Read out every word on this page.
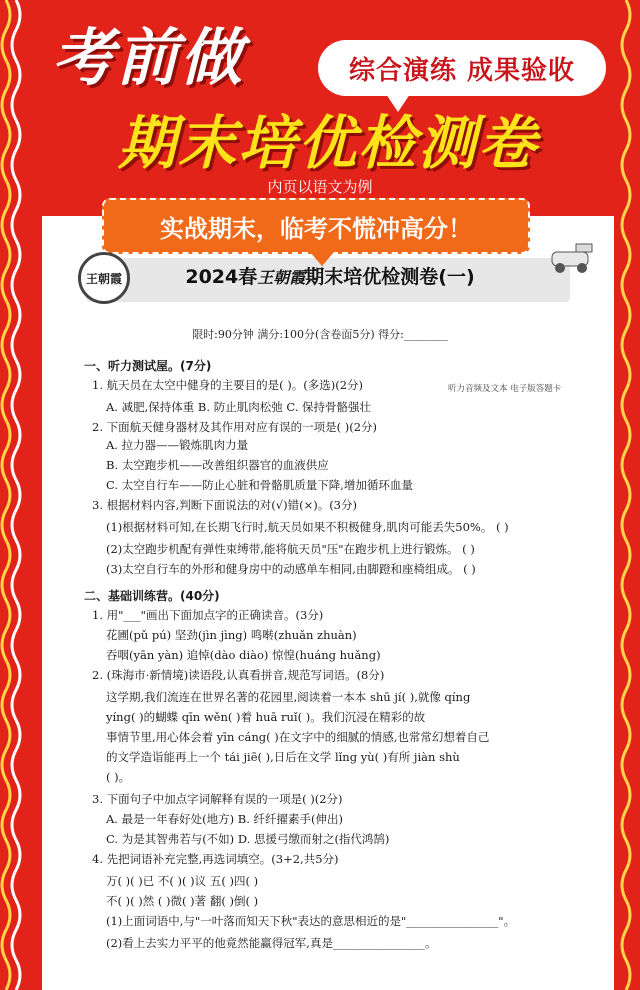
考前做	综合演练 成果验收
期末培优检测卷
内页以语文为例
实战期末，临考不慌冲高分！
王朝霞	2024春王朝霞期末培优检测卷(一)
限时:90分钟 满分:100分(含卷面5分) 得分:________
听力音频及文本 电子版答题卡
一、听力测试屋。(7分)
1. 航天员在太空中健身的主要目的是( )。(多选)(2分)
A. 减肥,保持体重 B. 防止肌肉松弛 C. 保持骨骼强壮
2. 下面航天健身器材及其作用对应有误的一项是( )(2分)
A. 拉力器——锻炼肌肉力量
B. 太空跑步机——改善组织器官的血液供应
C. 太空自行车——防止心脏和骨骼肌质量下降,增加循环血量
3. 根据材料内容,判断下面说法的对(√)错(×)。(3分)
(1)根据材料可知,在长期飞行时,航天员如果不积极健身,肌肉可能丢失50%。 ( )
(2)太空跑步机配有弹性束缚带,能将航天员"压"在跑步机上进行锻炼。 ( )
(3)太空自行车的外形和健身房中的动感单车相同,由脚蹬和座椅组成。 ( )
二、基础训练营。(40分)
1. 用"___"画出下面加点字的正确读音。(3分)
花圃(pǔ pú) 坚劲(jìn jìng) 鸣啭(zhuǎn zhuàn)
吞咽(yān yàn) 追悼(dào diào) 惊惶(huáng huǎng)
2. (珠海市·新情境)读语段,认真看拼音,规范写词语。(8分)
这学期,我们流连在世界名著的花园里,阅读着一本本 shū jí( ),就像 qíng
yíng( )的蝴蝶 qīn wěn( )着 huā ruǐ( )。我们沉浸在精彩的故
事情节里,用心体会着 yīn cáng( )在文字中的细腻的情感,也常常幻想着自己
的文学造诣能再上一个 tái jiē( ),日后在文学 lǐng yù( )有所 jiàn shù
( )。
3. 下面句子中加点字词解释有误的一项是( )(2分)
A. 最是一年春好处(地方) B. 纤纤擢素手(伸出)
C. 为是其智弗若与(不如) D. 思援弓缴而射之(指代鸿鹄)
4. 先把词语补充完整,再选词填空。(3+2,共5分)
万( )( )已 不( )( )议 五( )四( )
不( )( )然 ( )微( )著 翻( )倒( )
(1)上面词语中,与"一叶落而知天下秋"表达的意思相近的是"________________"。
(2)看上去实力平平的他竟然能赢得冠军,真是________________。
